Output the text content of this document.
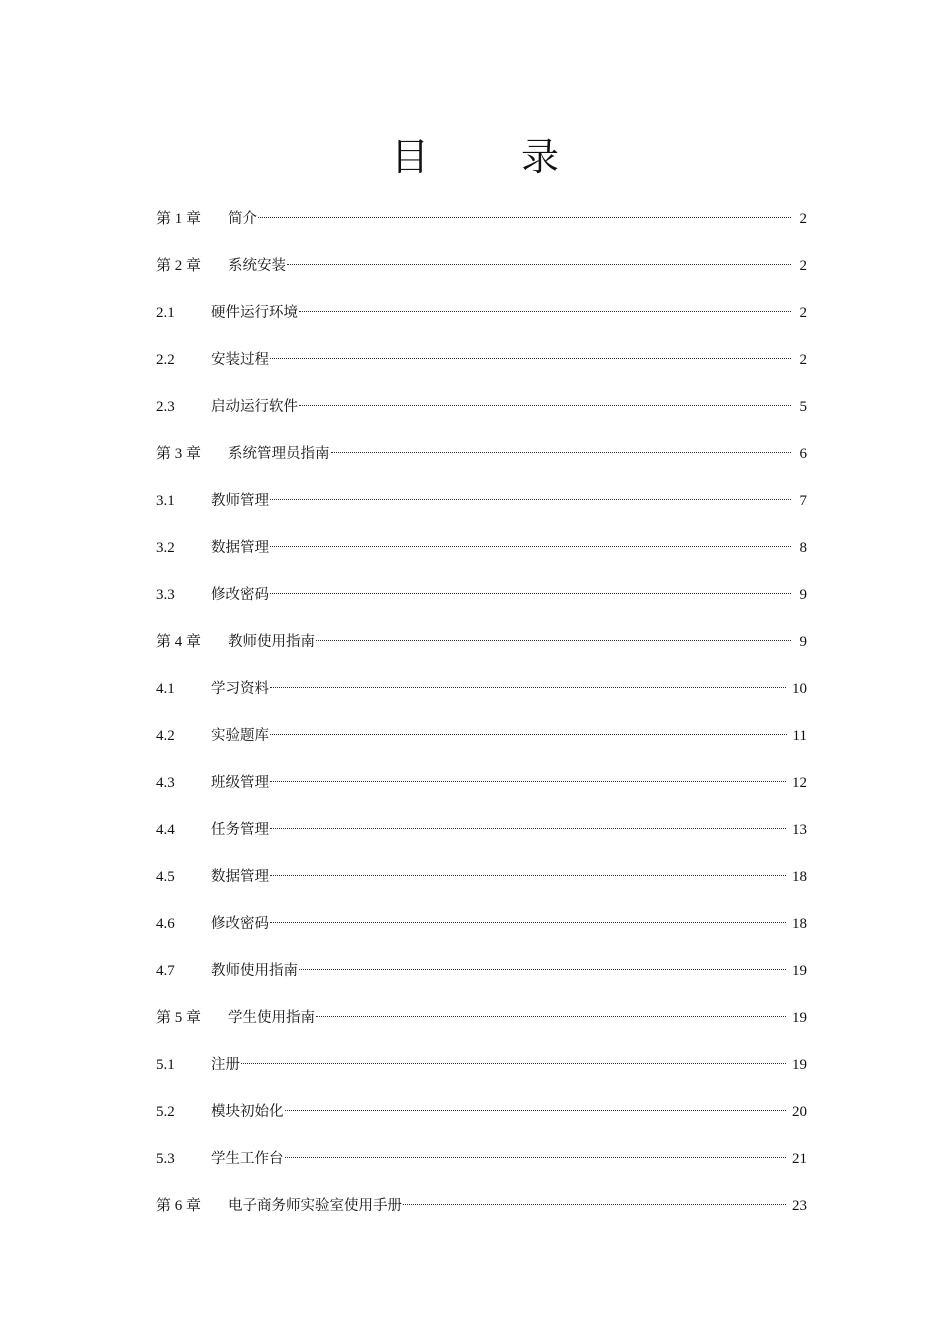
目 录
第 1 章	简介	2
第 2 章	系统安装	2
2.1	硬件运行环境	2
2.2	安装过程	2
2.3	启动运行软件	5
第 3 章	系统管理员指南	6
3.1	教师管理	7
3.2	数据管理	8
3.3	修改密码	9
第 4 章	教师使用指南	9
4.1	学习资料	10
4.2	实验题库	11
4.3	班级管理	12
4.4	任务管理	13
4.5	数据管理	18
4.6	修改密码	18
4.7	教师使用指南	19
第 5 章	学生使用指南	19
5.1	注册	19
5.2	模块初始化	20
5.3	学生工作台	21
第 6 章	电子商务师实验室使用手册	23
